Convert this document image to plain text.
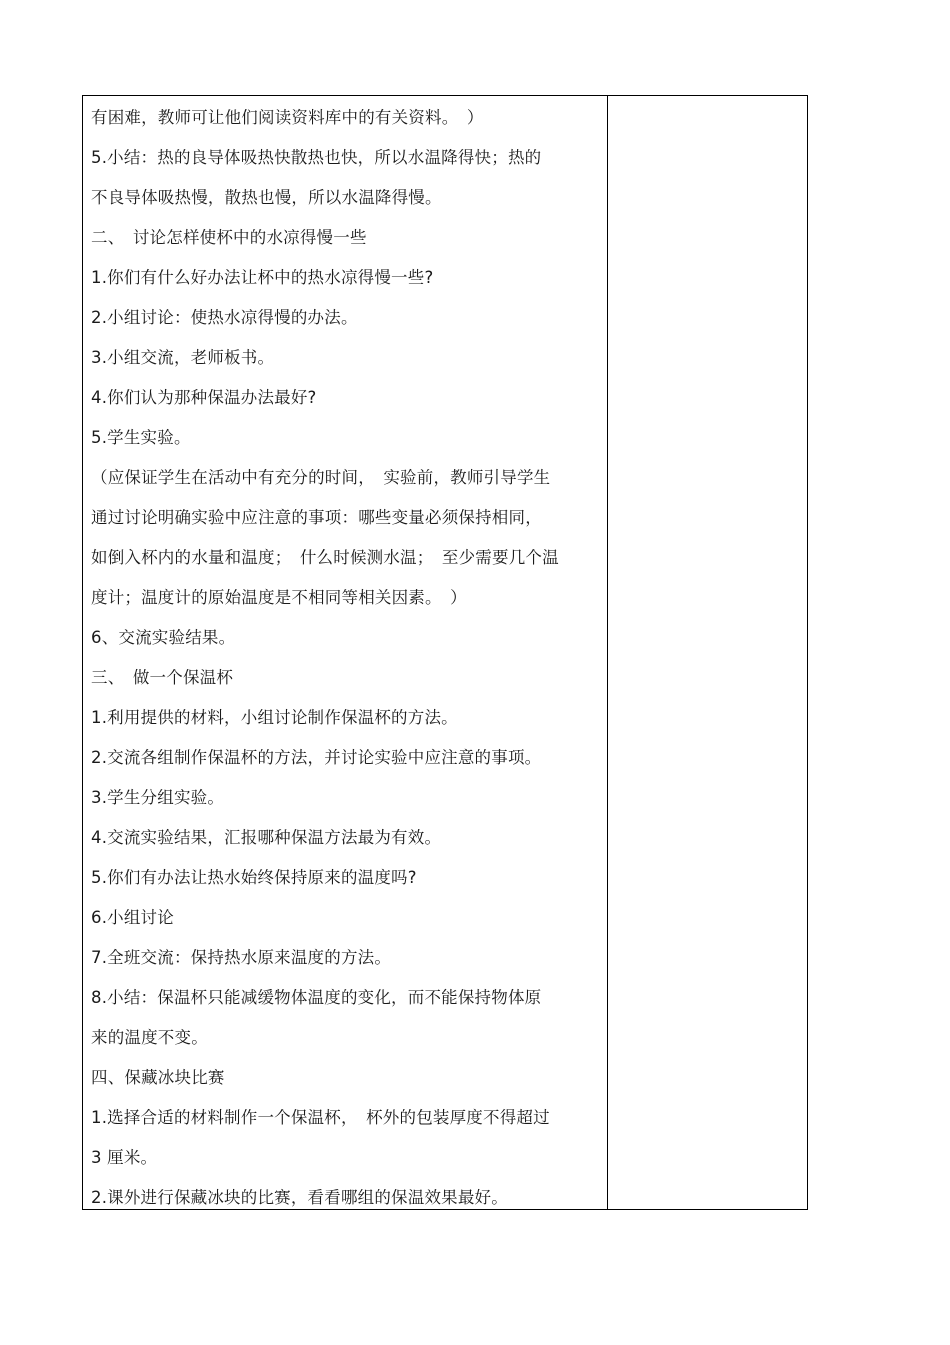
有困难，教师可让他们阅读资料库中的有关资料。　）
5.小结：热的良导体吸热快散热也快，所以水温降得快；热的
不良导体吸热慢，散热也慢，所以水温降得慢。
二、　讨论怎样使杯中的水凉得慢一些
1.你们有什么好办法让杯中的热水凉得慢一些?
2.小组讨论：使热水凉得慢的办法。
3.小组交流，老师板书。
4.你们认为那种保温办法最好?
5.学生实验。
（应保证学生在活动中有充分的时间，　实验前，教师引导学生
通过讨论明确实验中应注意的事项：哪些变量必须保持相同，
如倒入杯内的水量和温度；　什么时候测水温；　至少需要几个温
度计；温度计的原始温度是不相同等相关因素。　）
6、交流实验结果。
三、　做一个保温杯
1.利用提供的材料，小组讨论制作保温杯的方法。
2.交流各组制作保温杯的方法，并讨论实验中应注意的事项。
3.学生分组实验。
4.交流实验结果，汇报哪种保温方法最为有效。
5.你们有办法让热水始终保持原来的温度吗?
6.小组讨论
7.全班交流：保持热水原来温度的方法。
8.小结：保温杯只能减缓物体温度的变化，而不能保持物体原
来的温度不变。
四、保藏冰块比赛
1.选择合适的材料制作一个保温杯，　杯外的包装厚度不得超过
3 厘米。
2.课外进行保藏冰块的比赛，看看哪组的保温效果最好。
